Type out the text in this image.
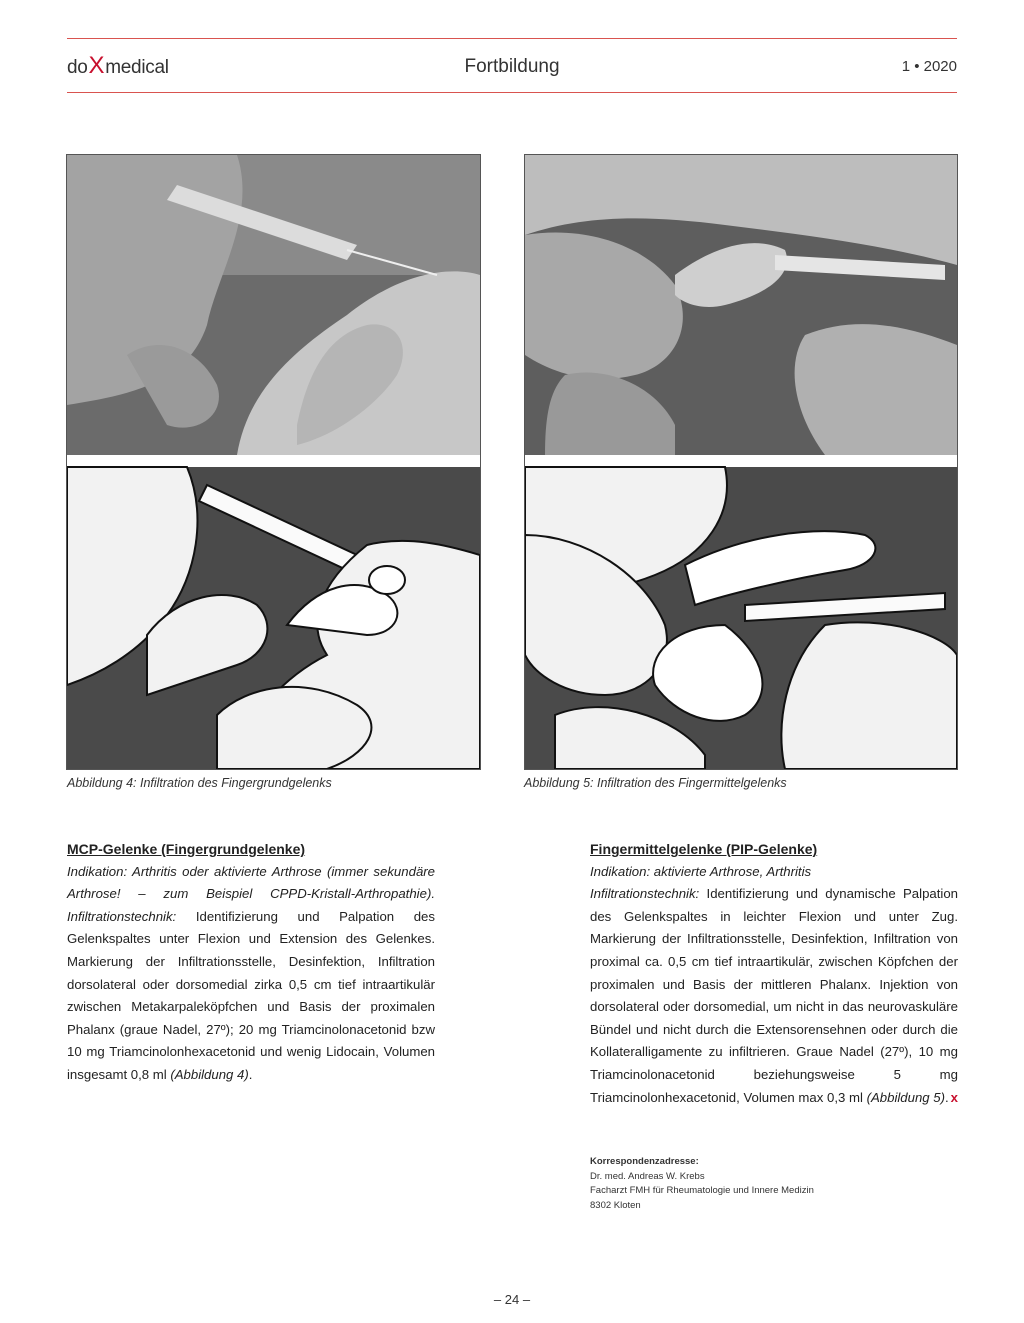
doXmedical	Fortbildung	1 • 2020
Abbildung 4: Infiltration des Fingergrundgelenks	Abbildung 5: Infiltration des Fingermittelgelenks
MCP-Gelenke (Fingergrundgelenke)

Indikation: Arthritis oder aktivierte Arthrose (immer sekundäre Arthrose! – zum Beispiel CPPD-Kristall-Arthropathie). Infiltrationstechnik: Identifizierung und Palpation des Gelenkspaltes unter Flexion und Extension des Gelenkes. Markierung der Infiltrationsstelle, Desinfektion, Infiltration dorsolateral oder dorsomedial zirka 0,5 cm tief intraartikulär zwischen Metakarpaleköpfchen und Basis der proximalen Phalanx (graue Nadel, 27º); 20 mg Triamcinolonacetonid bzw 10 mg Triamcinolonhexacetonid und wenig Lidocain, Volumen insgesamt 0,8 ml (Abbildung 4).

Fingermittelgelenke (PIP-Gelenke)

Indikation: aktivierte Arthrose, Arthritis
Infiltrationstechnik: Identifizierung und dynamische Palpation des Gelenkspaltes in leichter Flexion und unter Zug. Markierung der Infiltrationsstelle, Desinfektion, Infiltration von proximal ca. 0,5 cm tief intraartikulär, zwischen Köpfchen der proximalen und Basis der mittleren Phalanx. Injektion von dorsolateral oder dorsomedial, um nicht in das neurovaskuläre Bündel und nicht durch die Extensorensehnen oder durch die Kollateralligamente zu infiltrieren. Graue Nadel (27º), 10 mg Triamcinolonacetonid beziehungsweise 5 mg Triamcinolonhexacetonid, Volumen max 0,3 ml (Abbildung 5). x

Korrespondenzadresse:
Dr. med. Andreas W. Krebs
Facharzt FMH für Rheumatologie und Innere Medizin
8302 Kloten
– 24 –
